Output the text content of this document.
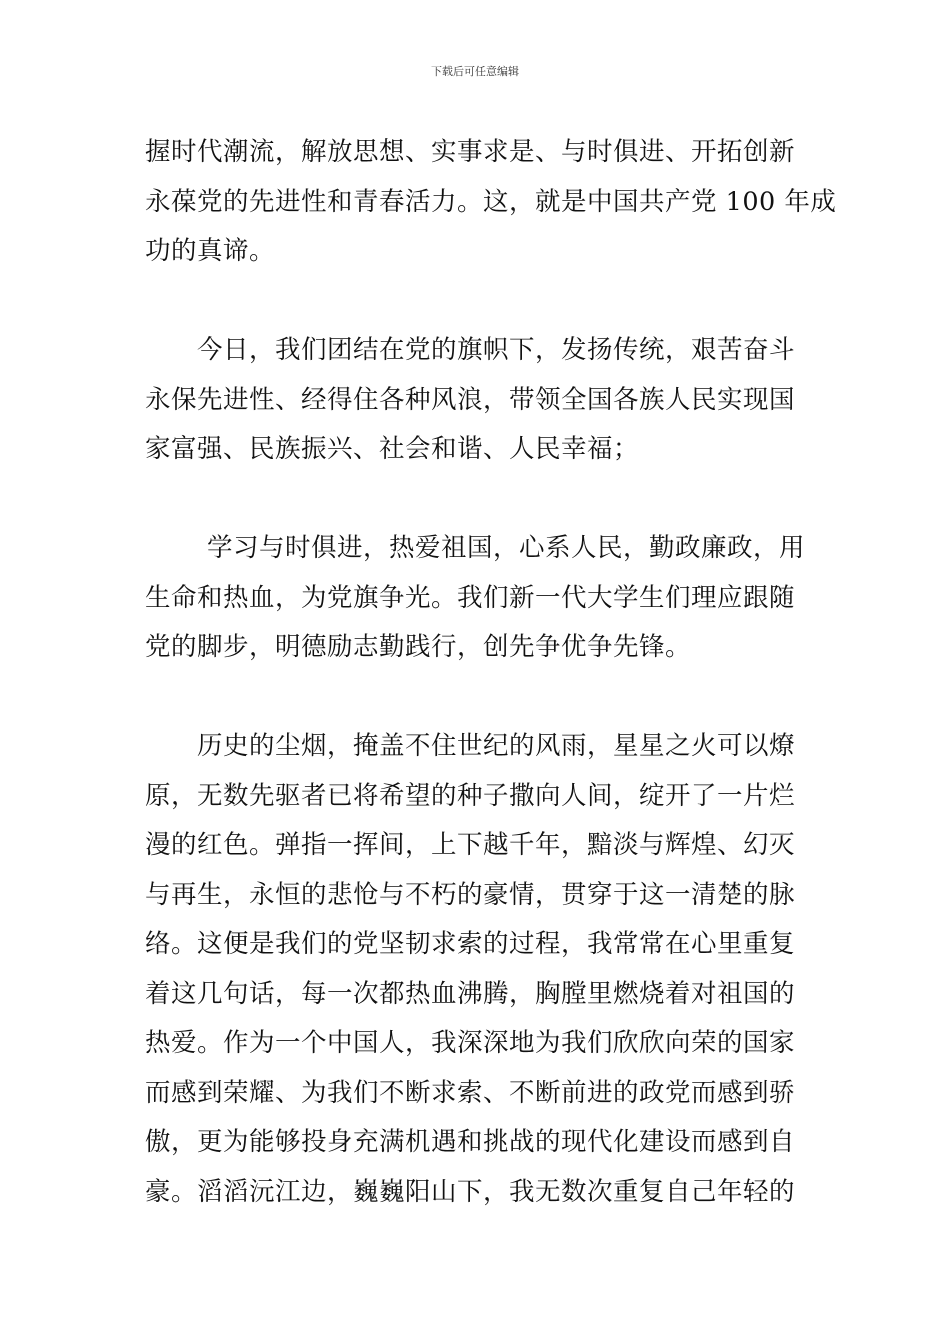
下载后可任意编辑

握时代潮流，解放思想、实事求是、与时俱进、开拓创新

永葆党的先进性和青春活力。这，就是中国共产党 100 年成

功的真谛。

今日，我们团结在党的旗帜下，发扬传统，艰苦奋斗

永保先进性、经得住各种风浪，带领全国各族人民实现国

家富强、民族振兴、社会和谐、人民幸福；

学习与时俱进，热爱祖国，心系人民，勤政廉政，用

生命和热血，为党旗争光。我们新一代大学生们理应跟随

党的脚步，明德励志勤践行，创先争优争先锋。

历史的尘烟，掩盖不住世纪的风雨，星星之火可以燎

原，无数先驱者已将希望的种子撒向人间，绽开了一片烂

漫的红色。弹指一挥间，上下越千年，黯淡与辉煌、幻灭

与再生，永恒的悲怆与不朽的豪情，贯穿于这一清楚的脉

络。这便是我们的党坚韧求索的过程，我常常在心里重复

着这几句话，每一次都热血沸腾，胸膛里燃烧着对祖国的

热爱。作为一个中国人，我深深地为我们欣欣向荣的国家

而感到荣耀、为我们不断求索、不断前进的政党而感到骄

傲，更为能够投身充满机遇和挑战的现代化建设而感到自

豪。滔滔沅江边，巍巍阳山下，我无数次重复自己年轻的
